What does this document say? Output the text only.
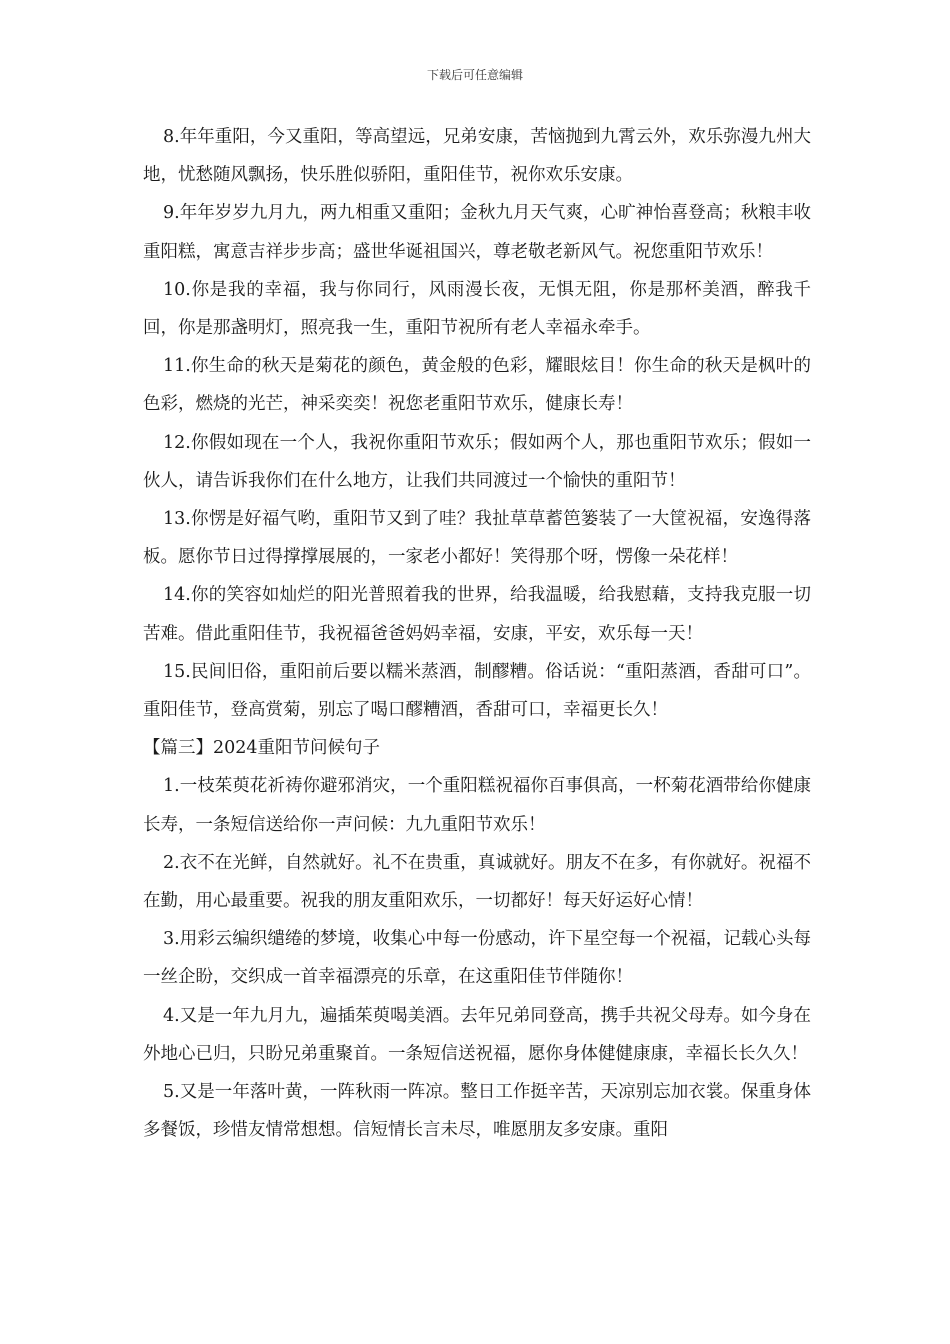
下载后可任意编辑

8.年年重阳，今又重阳，等高望远，兄弟安康，苦恼抛到九霄云外，欢乐弥漫九州大地，忧愁随风飘扬，快乐胜似骄阳，重阳佳节，祝你欢乐安康。

9.年年岁岁九月九，两九相重又重阳；金秋九月天气爽，心旷神怡喜登高；秋粮丰收重阳糕，寓意吉祥步步高；盛世华诞祖国兴，尊老敬老新风气。祝您重阳节欢乐！

10.你是我的幸福，我与你同行，风雨漫长夜，无惧无阻，你是那杯美酒，醉我千回，你是那盏明灯，照亮我一生，重阳节祝所有老人幸福永牵手。

11.你生命的秋天是菊花的颜色，黄金般的色彩，耀眼炫目！你生命的秋天是枫叶的色彩，燃烧的光芒，神采奕奕！祝您老重阳节欢乐，健康长寿！

12.你假如现在一个人，我祝你重阳节欢乐；假如两个人，那也重阳节欢乐；假如一伙人，请告诉我你们在什么地方，让我们共同渡过一个愉快的重阳节！

13.你愣是好福气哟，重阳节又到了哇？我扯草草蓄笆篓装了一大筐祝福，安逸得落板。愿你节日过得撑撑展展的，一家老小都好！笑得那个呀，愣像一朵花样！

14.你的笑容如灿烂的阳光普照着我的世界，给我温暖，给我慰藉，支持我克服一切苦难。借此重阳佳节，我祝福爸爸妈妈幸福，安康，平安，欢乐每一天！

15.民间旧俗，重阳前后要以糯米蒸酒，制醪糟。俗话说：“重阳蒸酒，香甜可口”。重阳佳节，登高赏菊，别忘了喝口醪糟酒，香甜可口，幸福更长久！

【篇三】2024重阳节问候句子

1.一枝茱萸花祈祷你避邪消灾，一个重阳糕祝福你百事俱高，一杯菊花酒带给你健康长寿，一条短信送给你一声问候：九九重阳节欢乐！

2.衣不在光鲜，自然就好。礼不在贵重，真诚就好。朋友不在多，有你就好。祝福不在勤，用心最重要。祝我的朋友重阳欢乐，一切都好！每天好运好心情！

3.用彩云编织缱绻的梦境，收集心中每一份感动，许下星空每一个祝福，记载心头每一丝企盼，交织成一首幸福漂亮的乐章，在这重阳佳节伴随你！

4.又是一年九月九，遍插茱萸喝美酒。去年兄弟同登高，携手共祝父母寿。如今身在外地心已归，只盼兄弟重聚首。一条短信送祝福，愿你身体健健康康，幸福长长久久！

5.又是一年落叶黄，一阵秋雨一阵凉。整日工作挺辛苦，天凉别忘加衣裳。保重身体多餐饭，珍惜友情常想想。信短情长言未尽，唯愿朋友多安康。重阳
